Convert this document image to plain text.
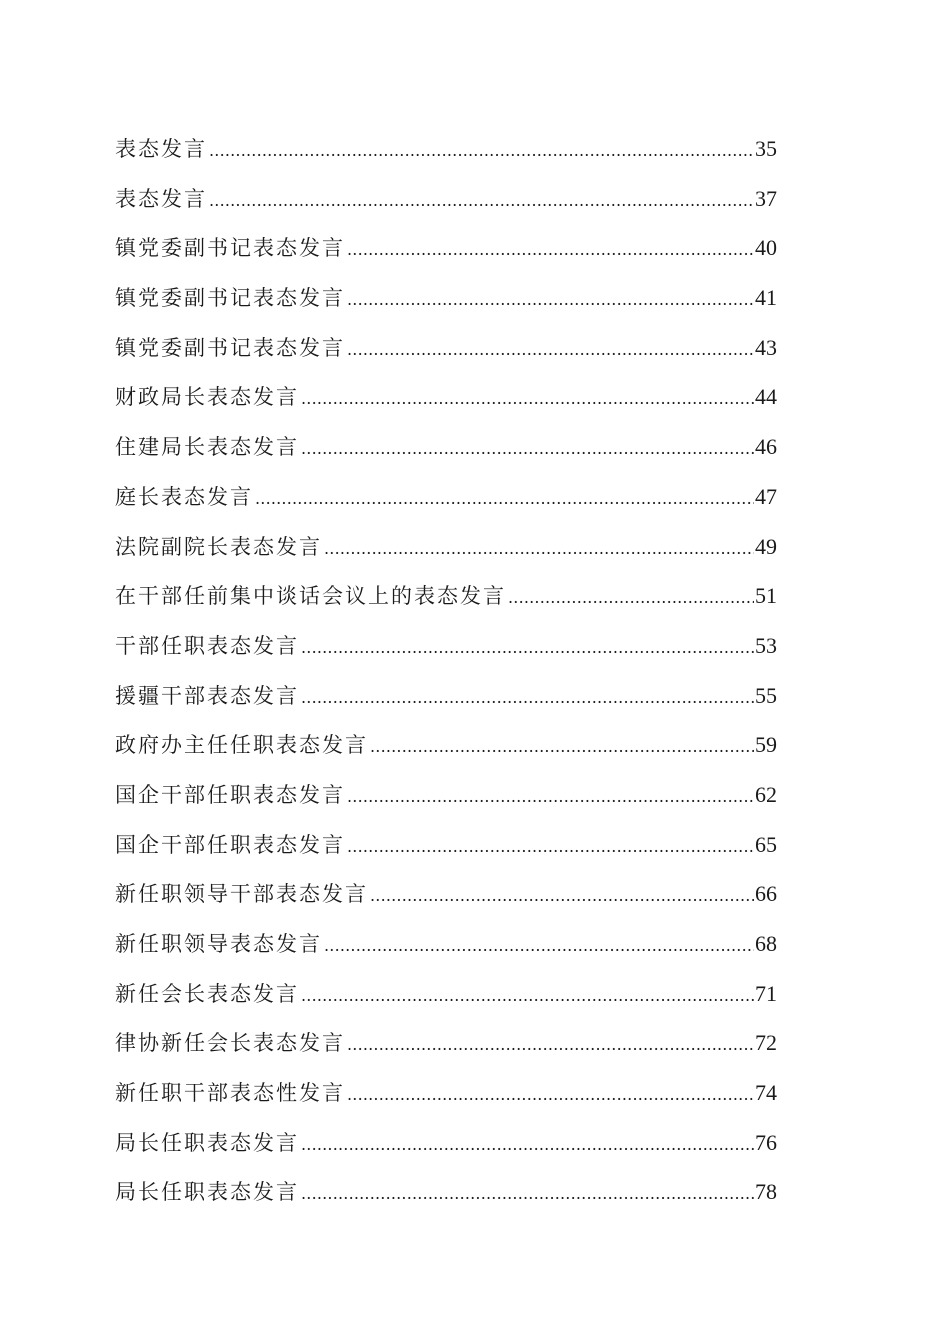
表态发言 .....	35
表态发言 .....	37
镇党委副书记表态发言 .....	40
镇党委副书记表态发言 .....	41
镇党委副书记表态发言 .....	43
财政局长表态发言 .....	44
住建局长表态发言 .....	46
庭长表态发言 .....	47
法院副院长表态发言 .....	49
在干部任前集中谈话会议上的表态发言 .....	51
干部任职表态发言 .....	53
援疆干部表态发言 .....	55
政府办主任任职表态发言 .....	59
国企干部任职表态发言 .....	62
国企干部任职表态发言 .....	65
新任职领导干部表态发言 .....	66
新任职领导表态发言 .....	68
新任会长表态发言 .....	71
律协新任会长表态发言 .....	72
新任职干部表态性发言 .....	74
局长任职表态发言 .....	76
局长任职表态发言 .....	78
